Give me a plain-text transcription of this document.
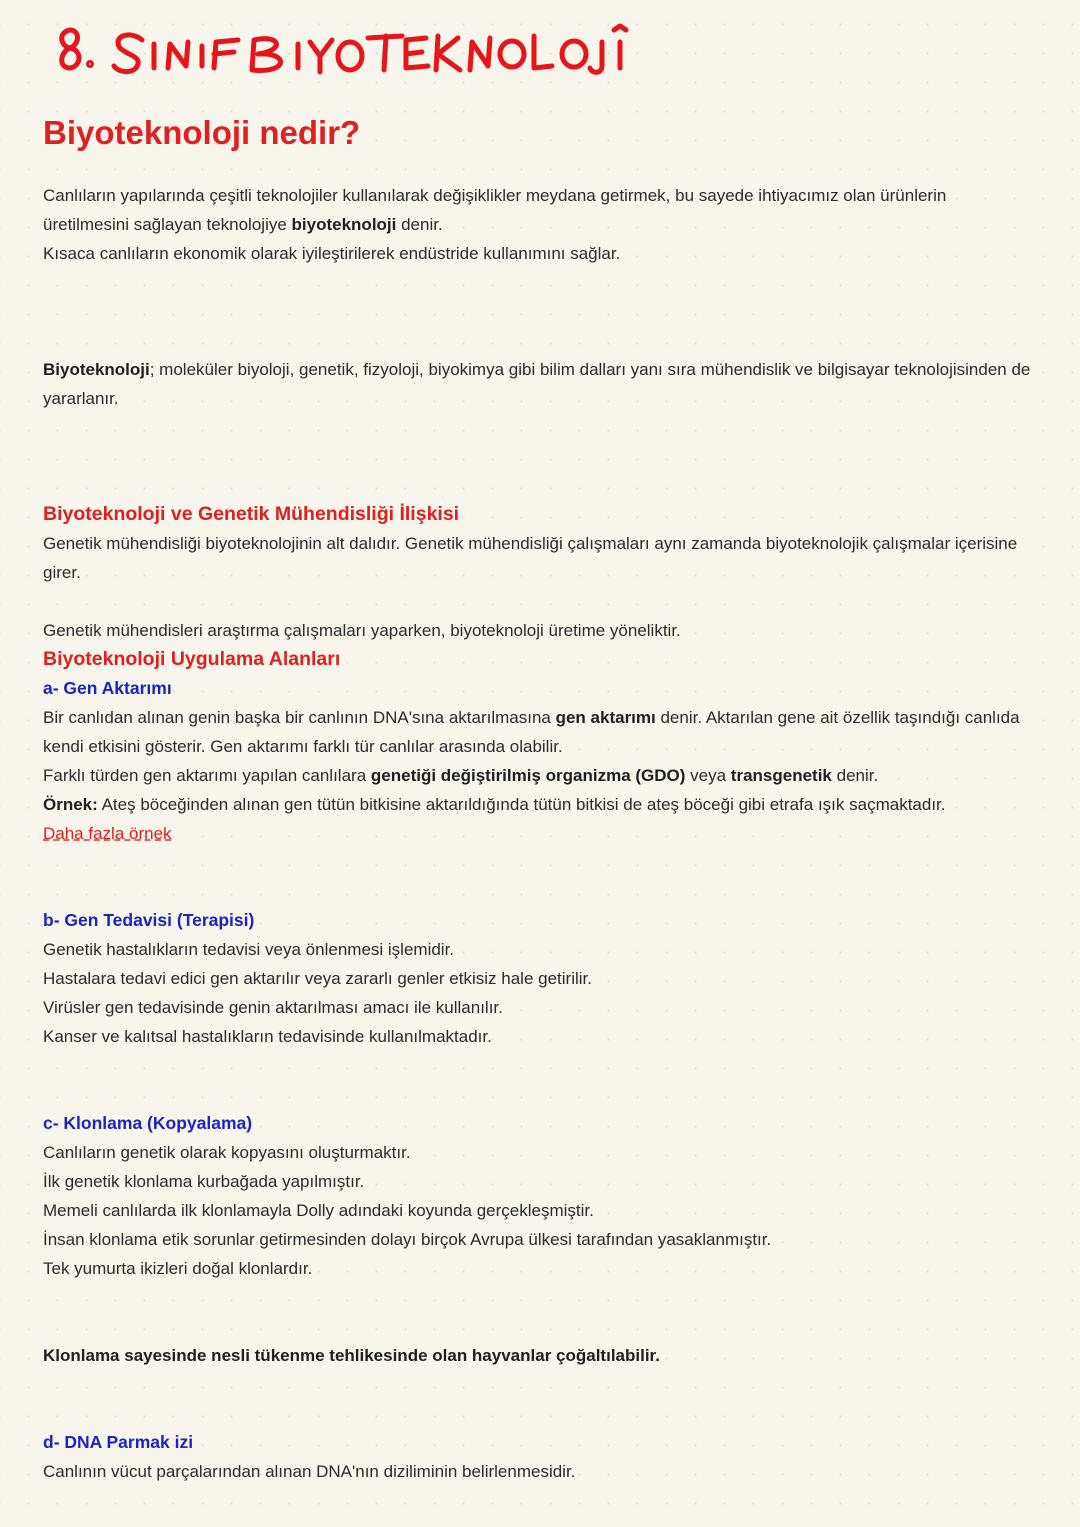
Biyoteknoloji nedir?

Canlıların yapılarında çeşitli teknolojiler kullanılarak değişiklikler meydana getirmek, bu sayede ihtiyacımız olan ürünlerin üretilmesini sağlayan teknolojiye biyoteknoloji denir.

Kısaca canlıların ekonomik olarak iyileştirilerek endüstride kullanımını sağlar.

Biyoteknoloji; moleküler biyoloji, genetik, fizyoloji, biyokimya gibi bilim dalları yanı sıra mühendislik ve bilgisayar teknolojisinden de yararlanır.

Biyoteknoloji ve Genetik Mühendisliği İlişkisi

Genetik mühendisliği biyoteknolojinin alt dalıdır. Genetik mühendisliği çalışmaları aynı zamanda biyoteknolojik çalışmalar içerisine girer.

Genetik mühendisleri araştırma çalışmaları yaparken, biyoteknoloji üretime yöneliktir.

Biyoteknoloji Uygulama Alanları
a- Gen Aktarımı

Bir canlıdan alınan genin başka bir canlının DNA'sına aktarılmasına gen aktarımı denir. Aktarılan gene ait özellik taşındığı canlıda kendi etkisini gösterir. Gen aktarımı farklı tür canlılar arasında olabilir.

Farklı türden gen aktarımı yapılan canlılara genetiği değiştirilmiş organizma (GDO) veya transgenetik denir.

Örnek: Ateş böceğinden alınan gen tütün bitkisine aktarıldığında tütün bitkisi de ateş böceği gibi etrafa ışık saçmaktadır.

Daha fazla örnek
b- Gen Tedavisi (Terapisi)

Genetik hastalıkların tedavisi veya önlenmesi işlemidir.

Hastalara tedavi edici gen aktarılır veya zararlı genler etkisiz hale getirilir.

Virüsler gen tedavisinde genin aktarılması amacı ile kullanılır.

Kanser ve kalıtsal hastalıkların tedavisinde kullanılmaktadır.

c- Klonlama (Kopyalama)

Canlıların genetik olarak kopyasını oluşturmaktır.

İlk genetik klonlama kurbağada yapılmıştır.

Memeli canlılarda ilk klonlamayla Dolly adındaki koyunda gerçekleşmiştir.

İnsan klonlama etik sorunlar getirmesinden dolayı birçok Avrupa ülkesi tarafından yasaklanmıştır.

Tek yumurta ikizleri doğal klonlardır.

Klonlama sayesinde nesli tükenme tehlikesinde olan hayvanlar çoğaltılabilir.

d- DNA Parmak izi

Canlının vücut parçalarından alınan DNA'nın diziliminin belirlenmesidir.
